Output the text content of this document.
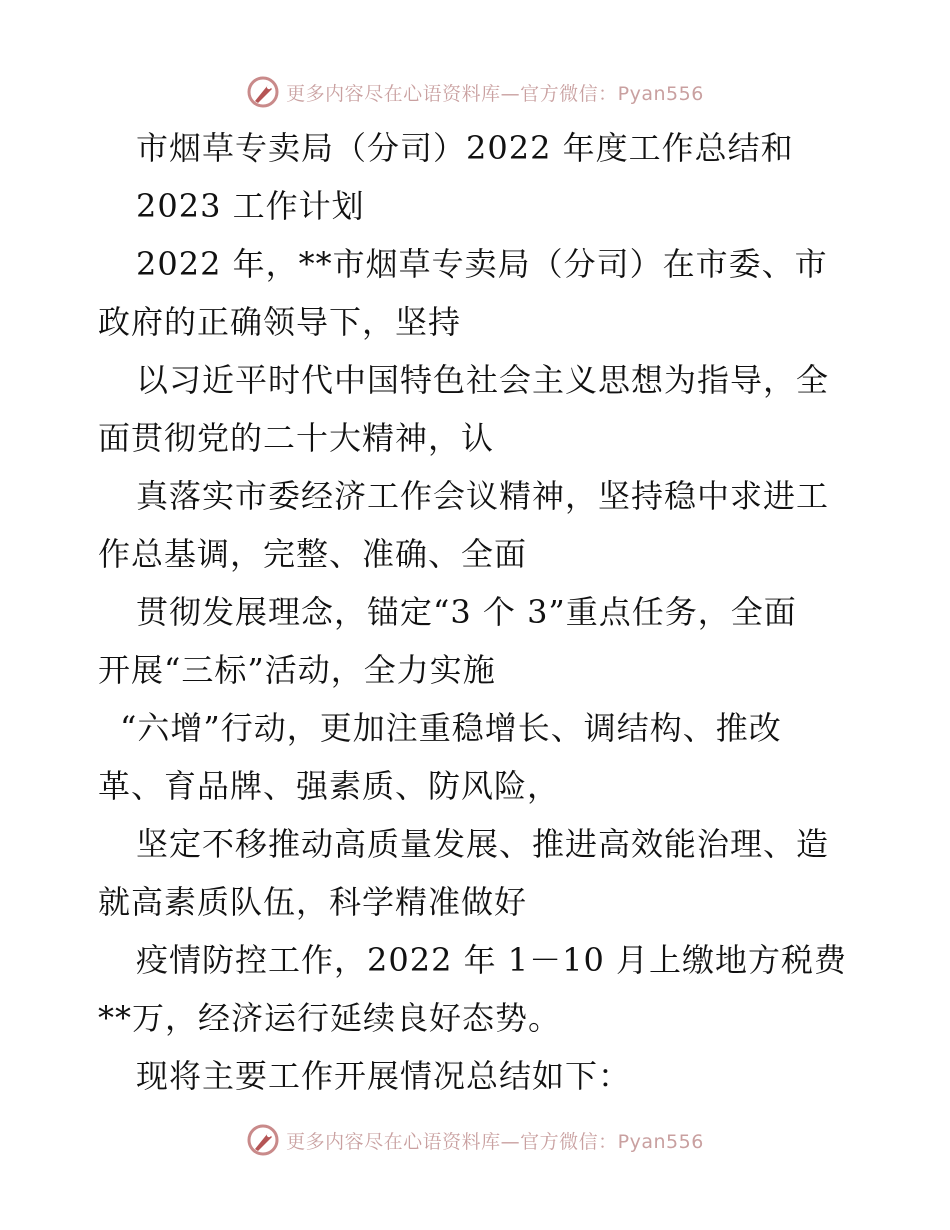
更多内容尽在心语资料库—官方微信：Pyan556
市烟草专卖局（分司）2022 年度工作总结和
2023 工作计划
2022 年，**市烟草专卖局（分司）在市委、市
政府的正确领导下，坚持
以习近平时代中国特色社会主义思想为指导，全
面贯彻党的二十大精神，认
真落实市委经济工作会议精神，坚持稳中求进工
作总基调，完整、准确、全面
贯彻发展理念，锚定“3 个 3”重点任务，全面
开展“三标”活动，全力实施
“六增”行动，更加注重稳增长、调结构、推改
革、育品牌、强素质、防风险，
坚定不移推动高质量发展、推进高效能治理、造
就高素质队伍，科学精准做好
疫情防控工作，2022 年 1－10 月上缴地方税费
**万，经济运行延续良好态势。
现将主要工作开展情况总结如下：
更多内容尽在心语资料库—官方微信：Pyan556
